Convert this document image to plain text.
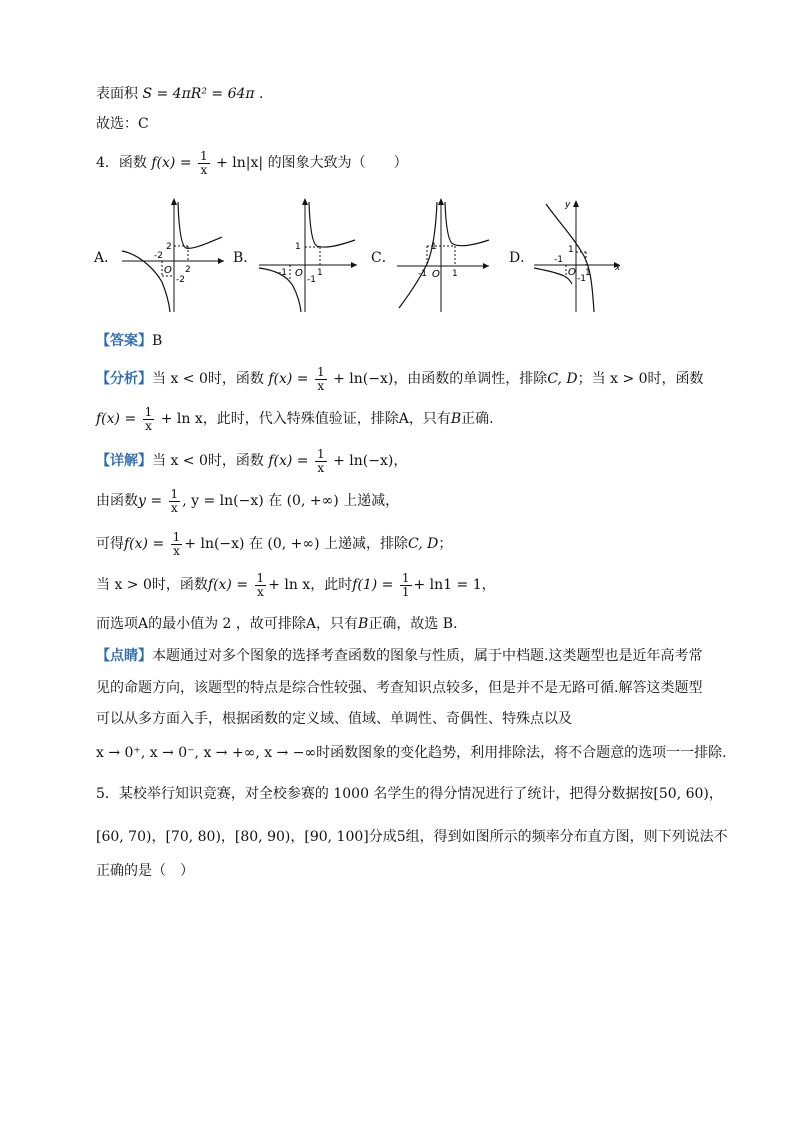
表面积 S = 4πR² = 64π .
故选：C
4．函数 $f(x) = \frac{1}{x} + \ln|x|$ 的图象大致为（　　）
A．	-2
2
O 2
-2
B．
1
-1 O 1
-1
C．
1
-1 O 1
D．
y
x
1
-1
O 1
-1
【答案】B
【分析】当 x < 0时，函数 $f(x) = \frac{1}{x} + \ln(-x)$，由函数的单调性，排除C, D；当 x > 0时，函数
$f(x) = \frac{1}{x} + \ln x$，此时，代入特殊值验证，排除A，只有B正确.
【详解】当 x < 0时，函数 $f(x) = \frac{1}{x} + \ln(-x)$，
由函数$y = \frac{1}{x}$ , y = ln(−x) 在 (0, +∞) 上递减，
可得$f(x) = \frac{1}{x} + \ln(-x)$ 在 (0, +∞) 上递减，排除C, D；
当 x > 0时，函数$f(x) = \frac{1}{x} + \ln x$，此时$f(1) = \frac{1}{1} + \ln 1 = 1$，
而选项A的最小值为 2 ，故可排除A，只有B正确，故选 B.
【点睛】本题通过对多个图象的选择考查函数的图象与性质，属于中档题.这类题型也是近年高考常
见的命题方向，该题型的特点是综合性较强、考查知识点较多，但是并不是无路可循.解答这类题型
可以从多方面入手，根据函数的定义域、值域、单调性、奇偶性、特殊点以及
x → 0⁺, x → 0⁻, x → +∞, x → −∞时函数图象的变化趋势，利用排除法，将不合题意的选项一一排除.
5．某校举行知识竞赛，对全校参赛的 1000 名学生的得分情况进行了统计，把得分数据按[50, 60)，
[60, 70)，[70, 80)，[80, 90)，[90, 100]分成5组，得到如图所示的频率分布直方图，则下列说法不
正确的是（　）
